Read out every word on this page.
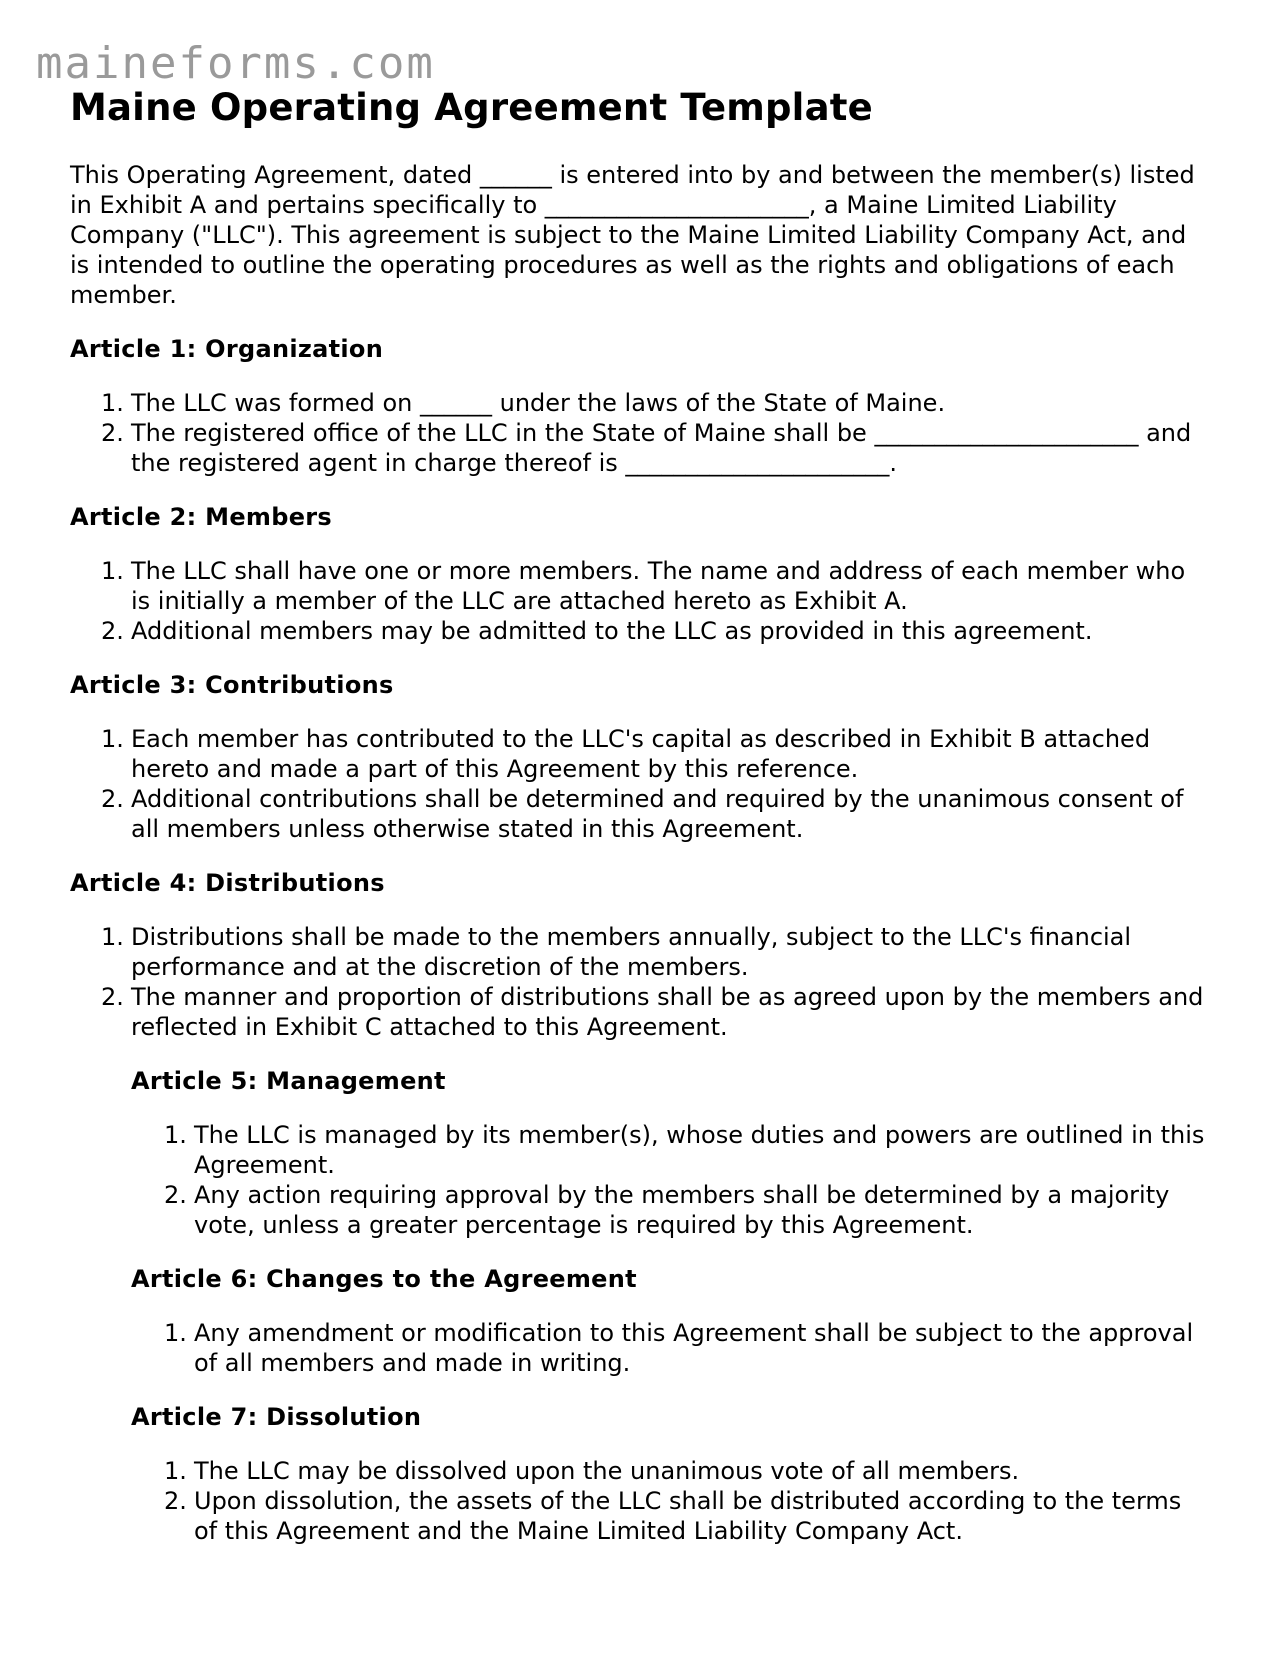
maineforms.com
Maine Operating Agreement Template

This Operating Agreement, dated ______ is entered into by and between the member(s) listed in Exhibit A and pertains specifically to ______________________, a Maine Limited Liability Company ("LLC"). This agreement is subject to the Maine Limited Liability Company Act, and is intended to outline the operating procedures as well as the rights and obligations of each member.

Article 1: Organization
1. The LLC was formed on ______ under the laws of the State of Maine.
2. The registered office of the LLC in the State of Maine shall be ______________________ and the registered agent in charge thereof is ______________________.
Article 2: Members
1. The LLC shall have one or more members. The name and address of each member who is initially a member of the LLC are attached hereto as Exhibit A.
2. Additional members may be admitted to the LLC as provided in this agreement.
Article 3: Contributions
1. Each member has contributed to the LLC's capital as described in Exhibit B attached hereto and made a part of this Agreement by this reference.
2. Additional contributions shall be determined and required by the unanimous consent of all members unless otherwise stated in this Agreement.
Article 4: Distributions
1. Distributions shall be made to the members annually, subject to the LLC's financial performance and at the discretion of the members.
2. The manner and proportion of distributions shall be as agreed upon by the members and reflected in Exhibit C attached to this Agreement.
Article 5: Management
1. The LLC is managed by its member(s), whose duties and powers are outlined in this Agreement.
2. Any action requiring approval by the members shall be determined by a majority vote, unless a greater percentage is required by this Agreement.
Article 6: Changes to the Agreement
1. Any amendment or modification to this Agreement shall be subject to the approval of all members and made in writing.
Article 7: Dissolution
1. The LLC may be dissolved upon the unanimous vote of all members.
2. Upon dissolution, the assets of the LLC shall be distributed according to the terms of this Agreement and the Maine Limited Liability Company Act.
